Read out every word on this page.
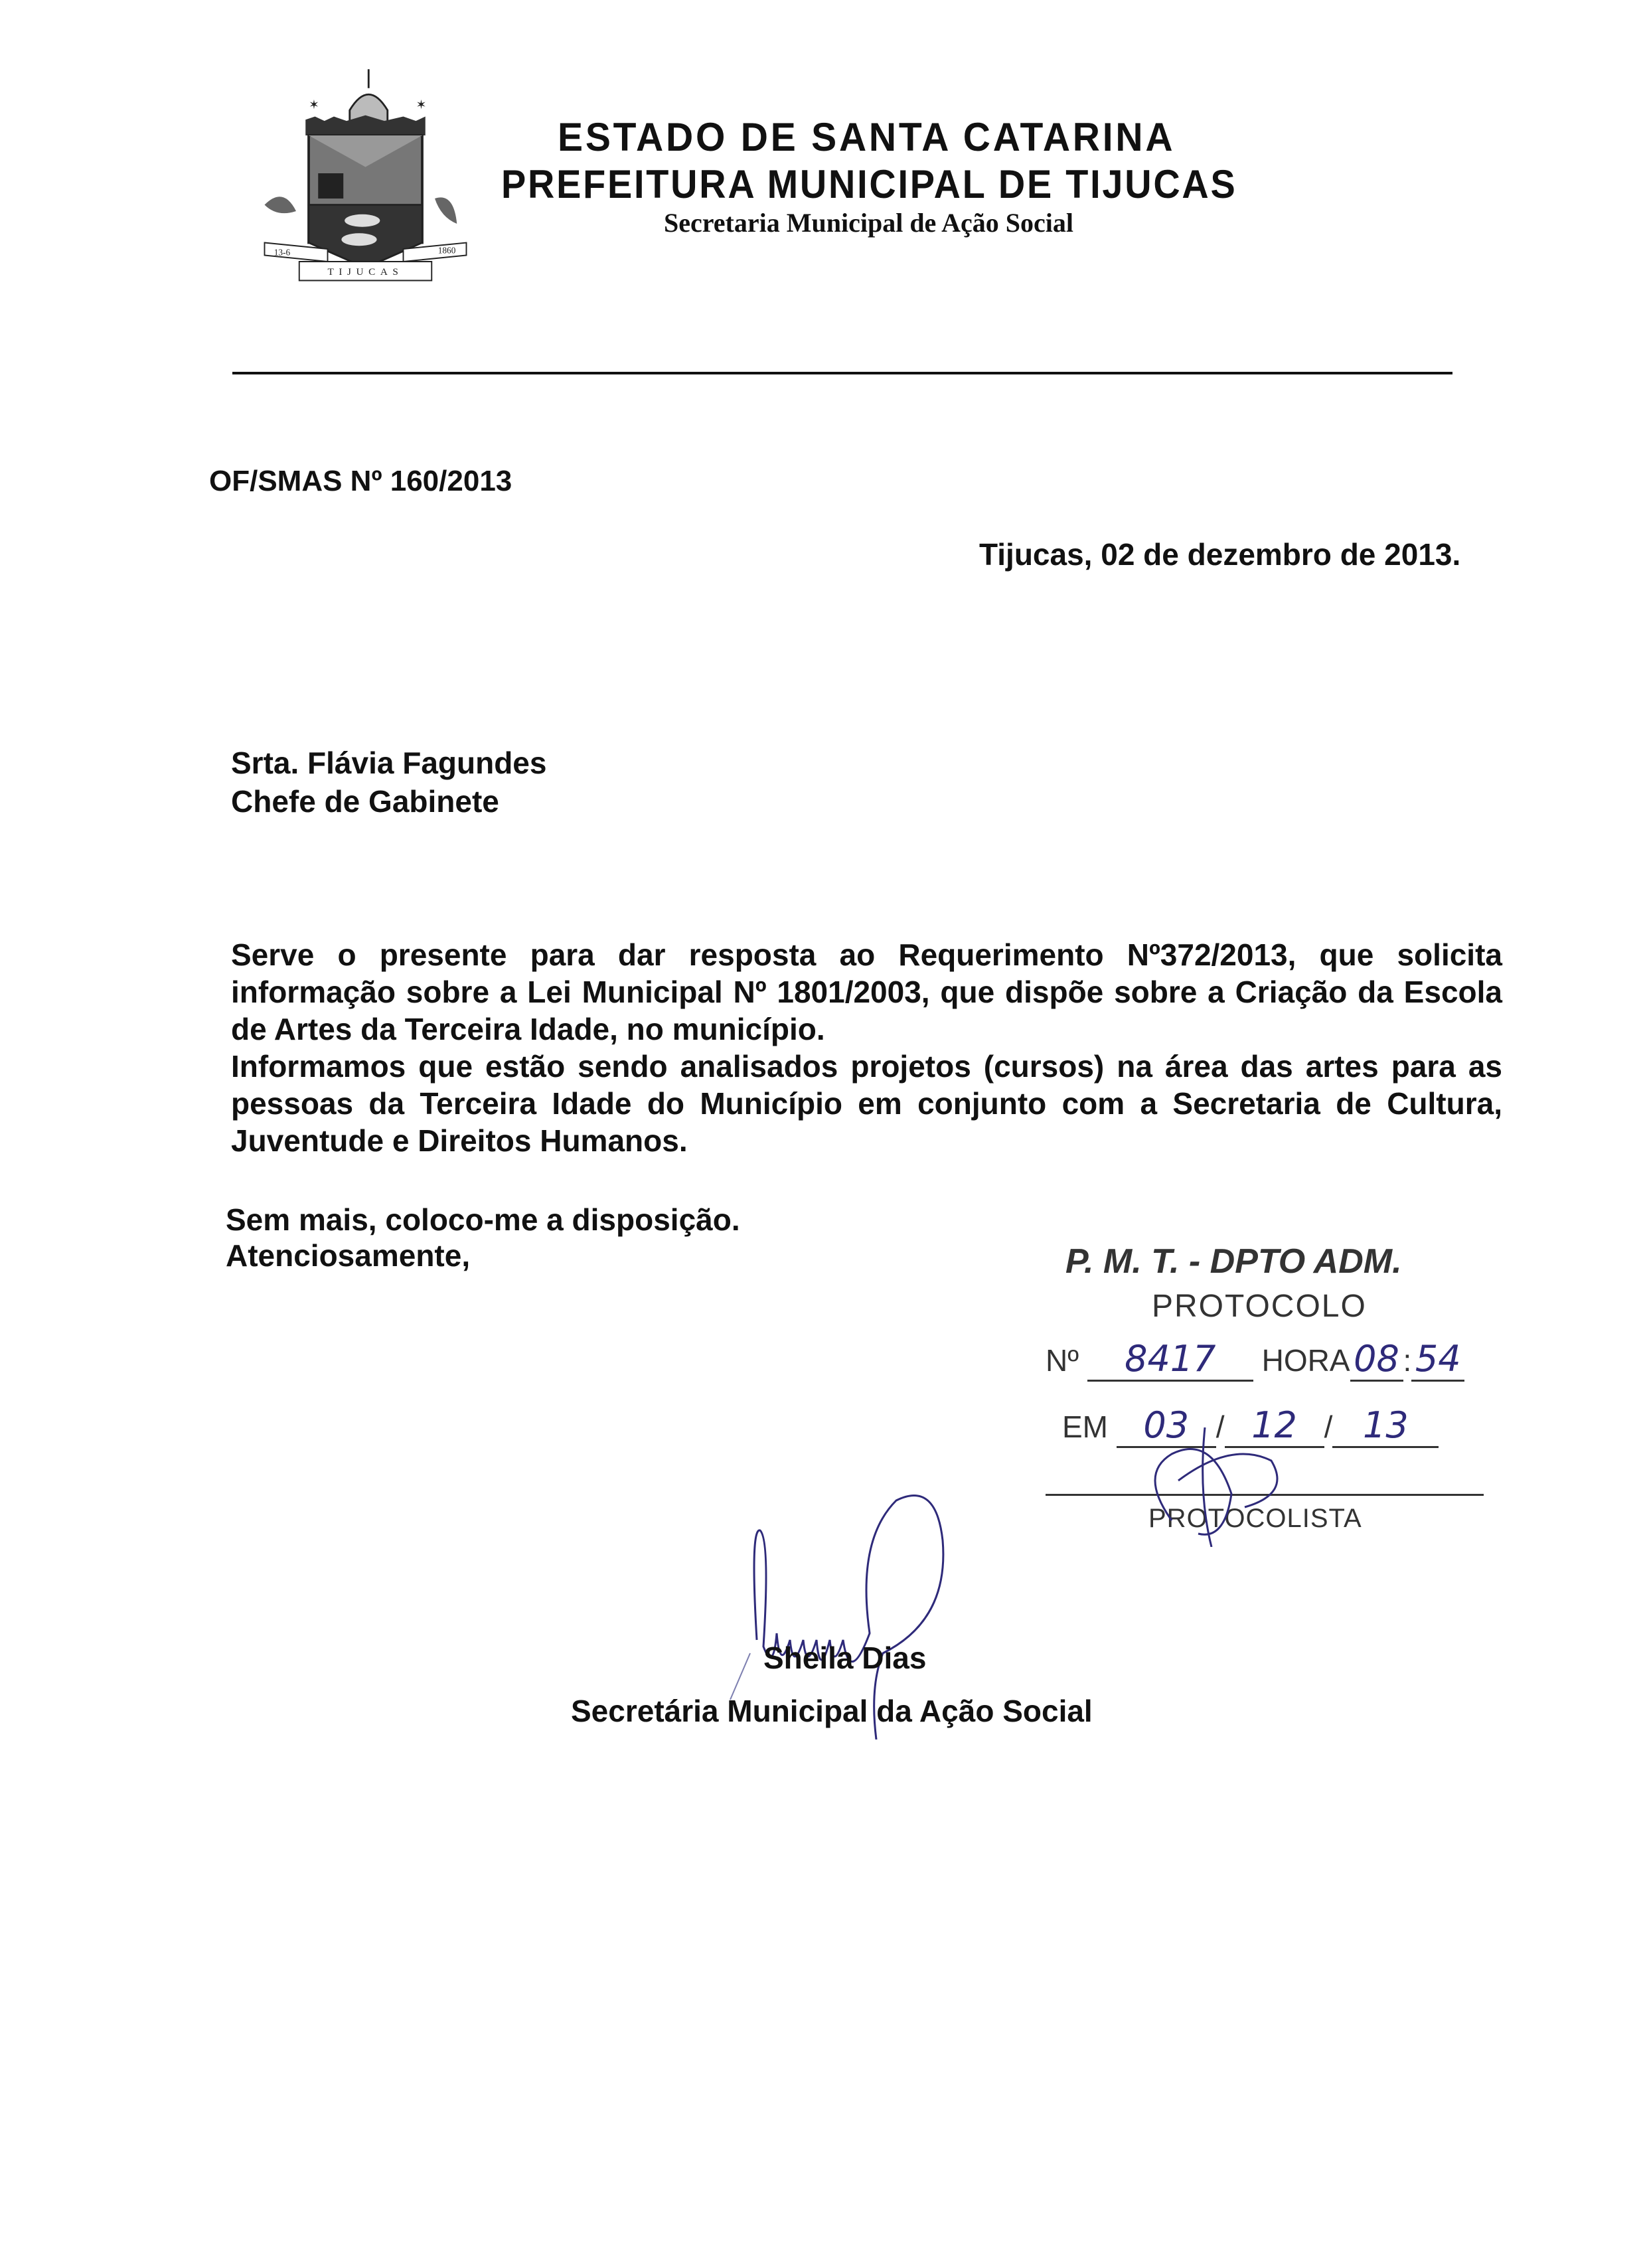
✶	✶
13-6	1860
TIJUCAS
ESTADO DE SANTA CATARINA
PREFEITURA MUNICIPAL DE TIJUCAS
Secretaria Municipal de Ação Social
OF/SMAS Nº 160/2013
Tijucas, 02 de dezembro de 2013.
Srta. Flávia Fagundes
Chefe de Gabinete

Serve o presente para dar resposta ao Requerimento Nº372/2013, que solicita informação sobre a Lei Municipal Nº 1801/2003, que dispõe sobre a Criação da Escola de Artes da Terceira Idade, no município.

Informamos que estão sendo analisados projetos (cursos) na área das artes para as pessoas da Terceira Idade do Município em conjunto com a Secretaria de Cultura, Juventude e Direitos Humanos.

Sem mais, coloco-me a disposição.
Atenciosamente,	P. M. T. - DPTO ADM.
PROTOCOLO
Nº 8417 HORA 08 : 54
EM 03 / 12 / 13
PROTOCOLISTA
Sheila Dias
Secretária Municipal da Ação Social
